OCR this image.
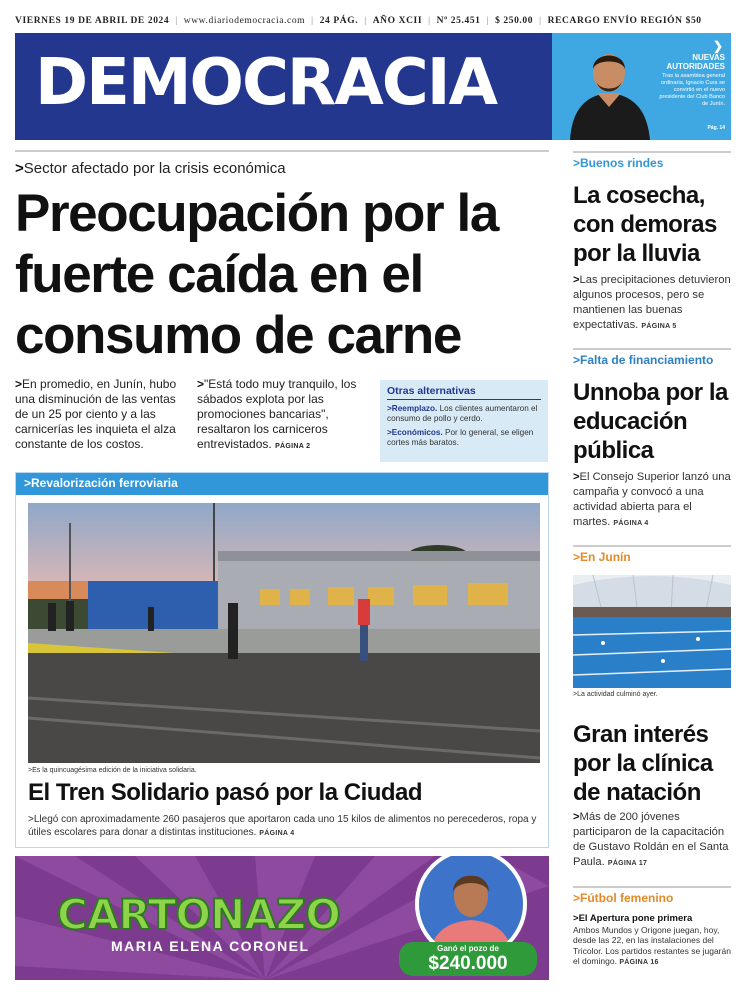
VIERNES 19 DE ABRIL DE 2024 | www.diariodemocracia.com | 24 PÁG. | AÑO XCII | Nº 25.451 | $ 250.00 | RECARGO ENVÍO REGIÓN $50
DEMOCRACIA	❯
NUEVAS AUTORIDADES
Tras la asamblea general ordinaria, Ignacio Cura se convirtió en el nuevo presidente del Club Banco de Junín.
Pág. 14
>Sector afectado por la crisis económica
Preocupación por la fuerte caída en el consumo de carne
>En promedio, en Junín, hubo una disminución de las ventas de un 25 por ciento y a las carnicerías les inquieta el alza constante de los costos.
>"Está todo muy tranquilo, los sábados explota por las promociones bancarias", resaltaron los carniceros entrevistados. PÁGINA 2
Otras alternativas

>Reemplazo. Los clientes aumentaron el consumo de pollo y cerdo.

>Económicos. Por lo general, se eligen cortes más baratos.

>Revalorización ferroviaria
>Es la quincuagésima edición de la iniciativa solidaria.
El Tren Solidario pasó por la Ciudad
>Llegó con aproximadamente 260 pasajeros que aportaron cada uno 15 kilos de alimentos no perecederos, ropa y útiles escolares para donar a distintas instituciones. PÁGINA 4
CARTONAZO
MARIA ELENA CORONEL	Ganó el pozo de
$240.000
>Buenos rindes
La cosecha, con demoras por la lluvia
>Las precipitaciones detuvieron algunos procesos, pero se mantienen las buenas expectativas. PÁGINA 5
>Falta de financiamiento
Unnoba por la educación pública
>El Consejo Superior lanzó una campaña y convocó a una actividad abierta para el martes. PÁGINA 4
>En Junín
>La actividad culminó ayer.
Gran interés por la clínica de natación
>Más de 200 jóvenes participaron de la capacitación de Gustavo Roldán en el Santa Paula. PÁGINA 17
>Fútbol femenino
>El Apertura pone primera
Ambos Mundos y Origone juegan, hoy, desde las 22, en las instalaciones del Tricolor. Los partidos restantes se jugarán el domingo. PÁGINA 16
